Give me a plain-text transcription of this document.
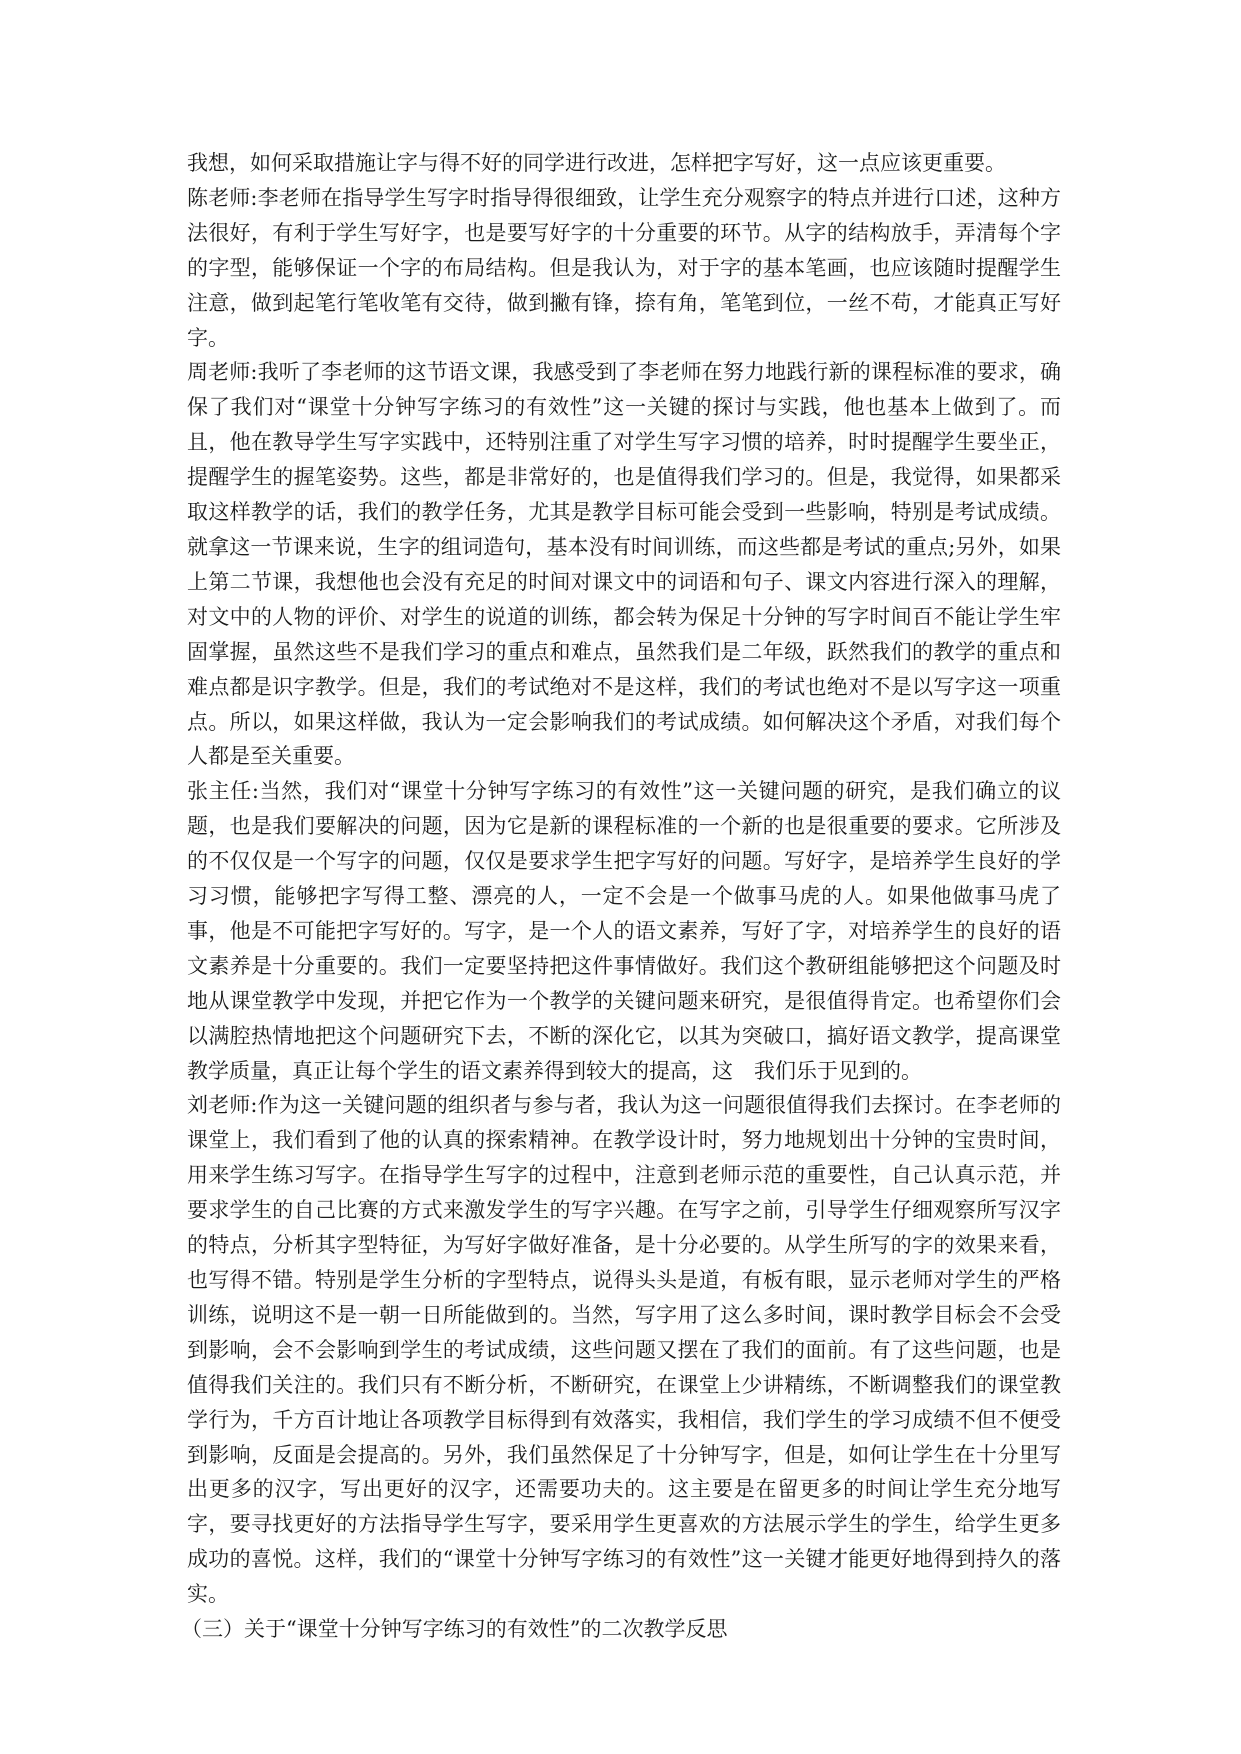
我想，如何采取措施让字与得不好的同学进行改进，怎样把字写好，这一点应该更重要。

陈老师:李老师在指导学生写字时指导得很细致，让学生充分观察字的特点并进行口述，这种方法很好，有利于学生写好字，也是要写好字的十分重要的环节。从字的结构放手，弄清每个字的字型，能够保证一个字的布局结构。但是我认为，对于字的基本笔画，也应该随时提醒学生注意，做到起笔行笔收笔有交待，做到撇有锋，捺有角，笔笔到位，一丝不苟，才能真正写好字。

周老师:我听了李老师的这节语文课，我感受到了李老师在努力地践行新的课程标准的要求，确保了我们对“课堂十分钟写字练习的有效性”这一关键的探讨与实践，他也基本上做到了。而且，他在教导学生写字实践中，还特别注重了对学生写字习惯的培养，时时提醒学生要坐正，提醒学生的握笔姿势。这些，都是非常好的，也是值得我们学习的。但是，我觉得，如果都采取这样教学的话，我们的教学任务，尤其是教学目标可能会受到一些影响，特别是考试成绩。就拿这一节课来说，生字的组词造句，基本没有时间训练，而这些都是考试的重点;另外，如果上第二节课，我想他也会没有充足的时间对课文中的词语和句子、课文内容进行深入的理解，对文中的人物的评价、对学生的说道的训练，都会转为保足十分钟的写字时间百不能让学生牢固掌握，虽然这些不是我们学习的重点和难点，虽然我们是二年级，跃然我们的教学的重点和难点都是识字教学。但是，我们的考试绝对不是这样，我们的考试也绝对不是以写字这一项重点。所以，如果这样做，我认为一定会影响我们的考试成绩。如何解决这个矛盾，对我们每个人都是至关重要。

张主任:当然，我们对“课堂十分钟写字练习的有效性”这一关键问题的研究，是我们确立的议题，也是我们要解决的问题，因为它是新的课程标准的一个新的也是很重要的要求。它所涉及的不仅仅是一个写字的问题，仅仅是要求学生把字写好的问题。写好字，是培养学生良好的学习习惯，能够把字写得工整、漂亮的人，一定不会是一个做事马虎的人。如果他做事马虎了事，他是不可能把字写好的。写字，是一个人的语文素养，写好了字，对培养学生的良好的语文素养是十分重要的。我们一定要坚持把这件事情做好。我们这个教研组能够把这个问题及时地从课堂教学中发现，并把它作为一个教学的关键问题来研究，是很值得肯定。也希望你们会以满腔热情地把这个问题研究下去，不断的深化它，以其为突破口，搞好语文教学，提高课堂教学质量，真正让每个学生的语文素养得到较大的提高，这　我们乐于见到的。

刘老师:作为这一关键问题的组织者与参与者，我认为这一问题很值得我们去探讨。在李老师的课堂上，我们看到了他的认真的探索精神。在教学设计时，努力地规划出十分钟的宝贵时间，用来学生练习写字。在指导学生写字的过程中，注意到老师示范的重要性，自己认真示范，并要求学生的自己比赛的方式来激发学生的写字兴趣。在写字之前，引导学生仔细观察所写汉字的特点，分析其字型特征，为写好字做好准备，是十分必要的。从学生所写的字的效果来看，也写得不错。特别是学生分析的字型特点，说得头头是道，有板有眼，显示老师对学生的严格训练，说明这不是一朝一日所能做到的。当然，写字用了这么多时间，课时教学目标会不会受到影响，会不会影响到学生的考试成绩，这些问题又摆在了我们的面前。有了这些问题，也是值得我们关注的。我们只有不断分析，不断研究，在课堂上少讲精练，不断调整我们的课堂教学行为，千方百计地让各项教学目标得到有效落实，我相信，我们学生的学习成绩不但不便受到影响，反面是会提高的。另外，我们虽然保足了十分钟写字，但是，如何让学生在十分里写出更多的汉字，写出更好的汉字，还需要功夫的。这主要是在留更多的时间让学生充分地写字，要寻找更好的方法指导学生写字，要采用学生更喜欢的方法展示学生的学生，给学生更多成功的喜悦。这样，我们的“课堂十分钟写字练习的有效性”这一关键才能更好地得到持久的落实。

（三）关于“课堂十分钟写字练习的有效性”的二次教学反思
